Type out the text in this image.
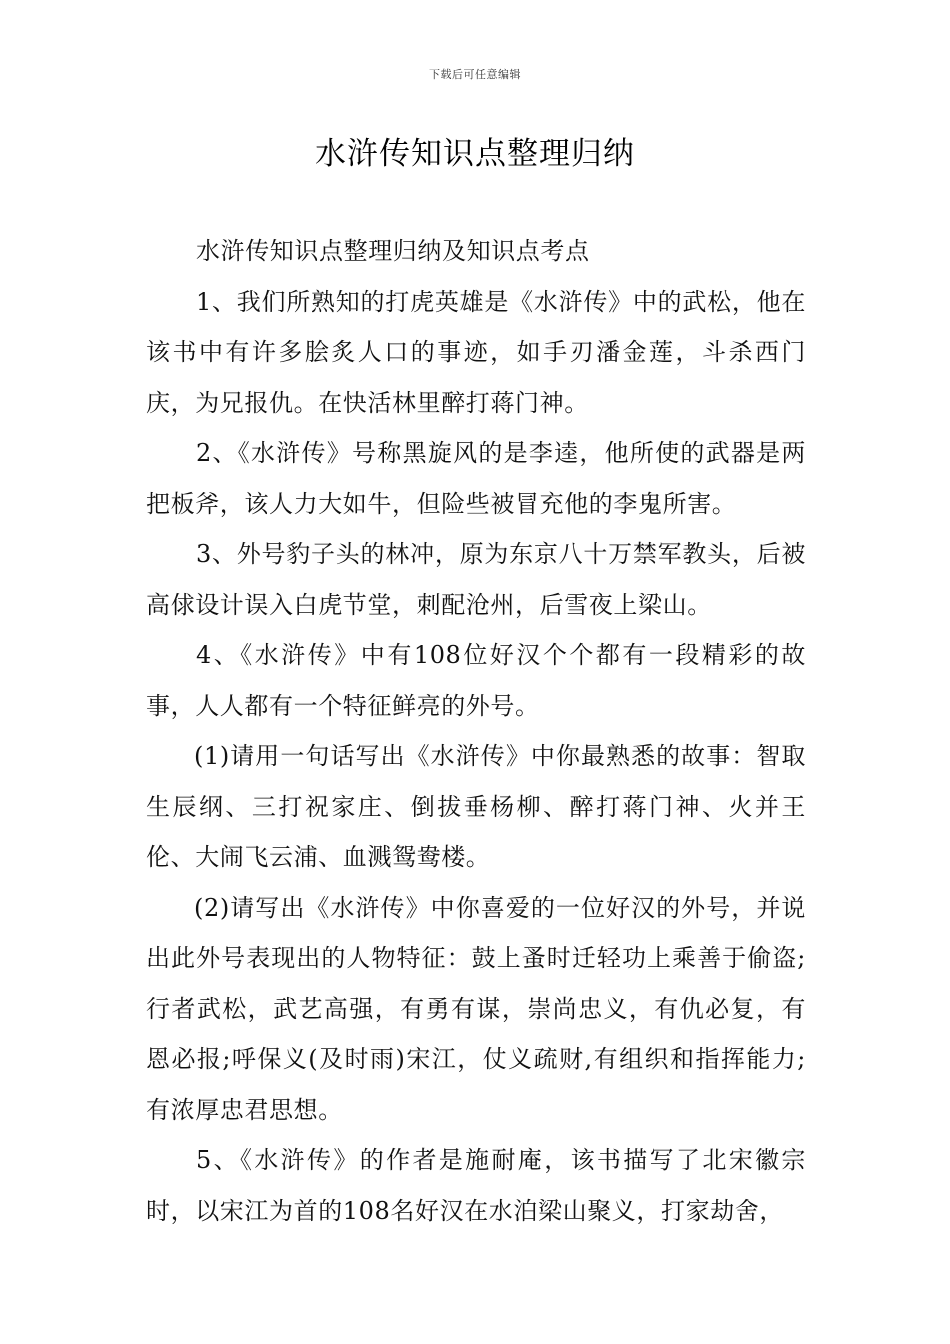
下载后可任意编辑
水浒传知识点整理归纳

水浒传知识点整理归纳及知识点考点

1、我们所熟知的打虎英雄是《水浒传》中的武松，他在该书中有许多脍炙人口的事迹，如手刃潘金莲，斗杀西门庆，为兄报仇。在快活林里醉打蒋门神。

2、《水浒传》号称黑旋风的是李逵，他所使的武器是两把板斧，该人力大如牛，但险些被冒充他的李鬼所害。

3、外号豹子头的林冲，原为东京八十万禁军教头，后被高俅设计误入白虎节堂，刺配沧州，后雪夜上梁山。

4、《水浒传》中有108位好汉个个都有一段精彩的故事，人人都有一个特征鲜亮的外号。

(1)请用一句话写出《水浒传》中你最熟悉的故事：智取生辰纲、三打祝家庄、倒拔垂杨柳、醉打蒋门神、火并王伦、大闹飞云浦、血溅鸳鸯楼。

(2)请写出《水浒传》中你喜爱的一位好汉的外号，并说出此外号表现出的人物特征：鼓上蚤时迁轻功上乘善于偷盗;行者武松，武艺高强，有勇有谋，崇尚忠义，有仇必复，有恩必报;呼保义(及时雨)宋江，仗义疏财,有组织和指挥能力;有浓厚忠君思想。

5、《水浒传》的作者是施耐庵，该书描写了北宋徽宗时，以宋江为首的108名好汉在水泊梁山聚义，打家劫舍，
